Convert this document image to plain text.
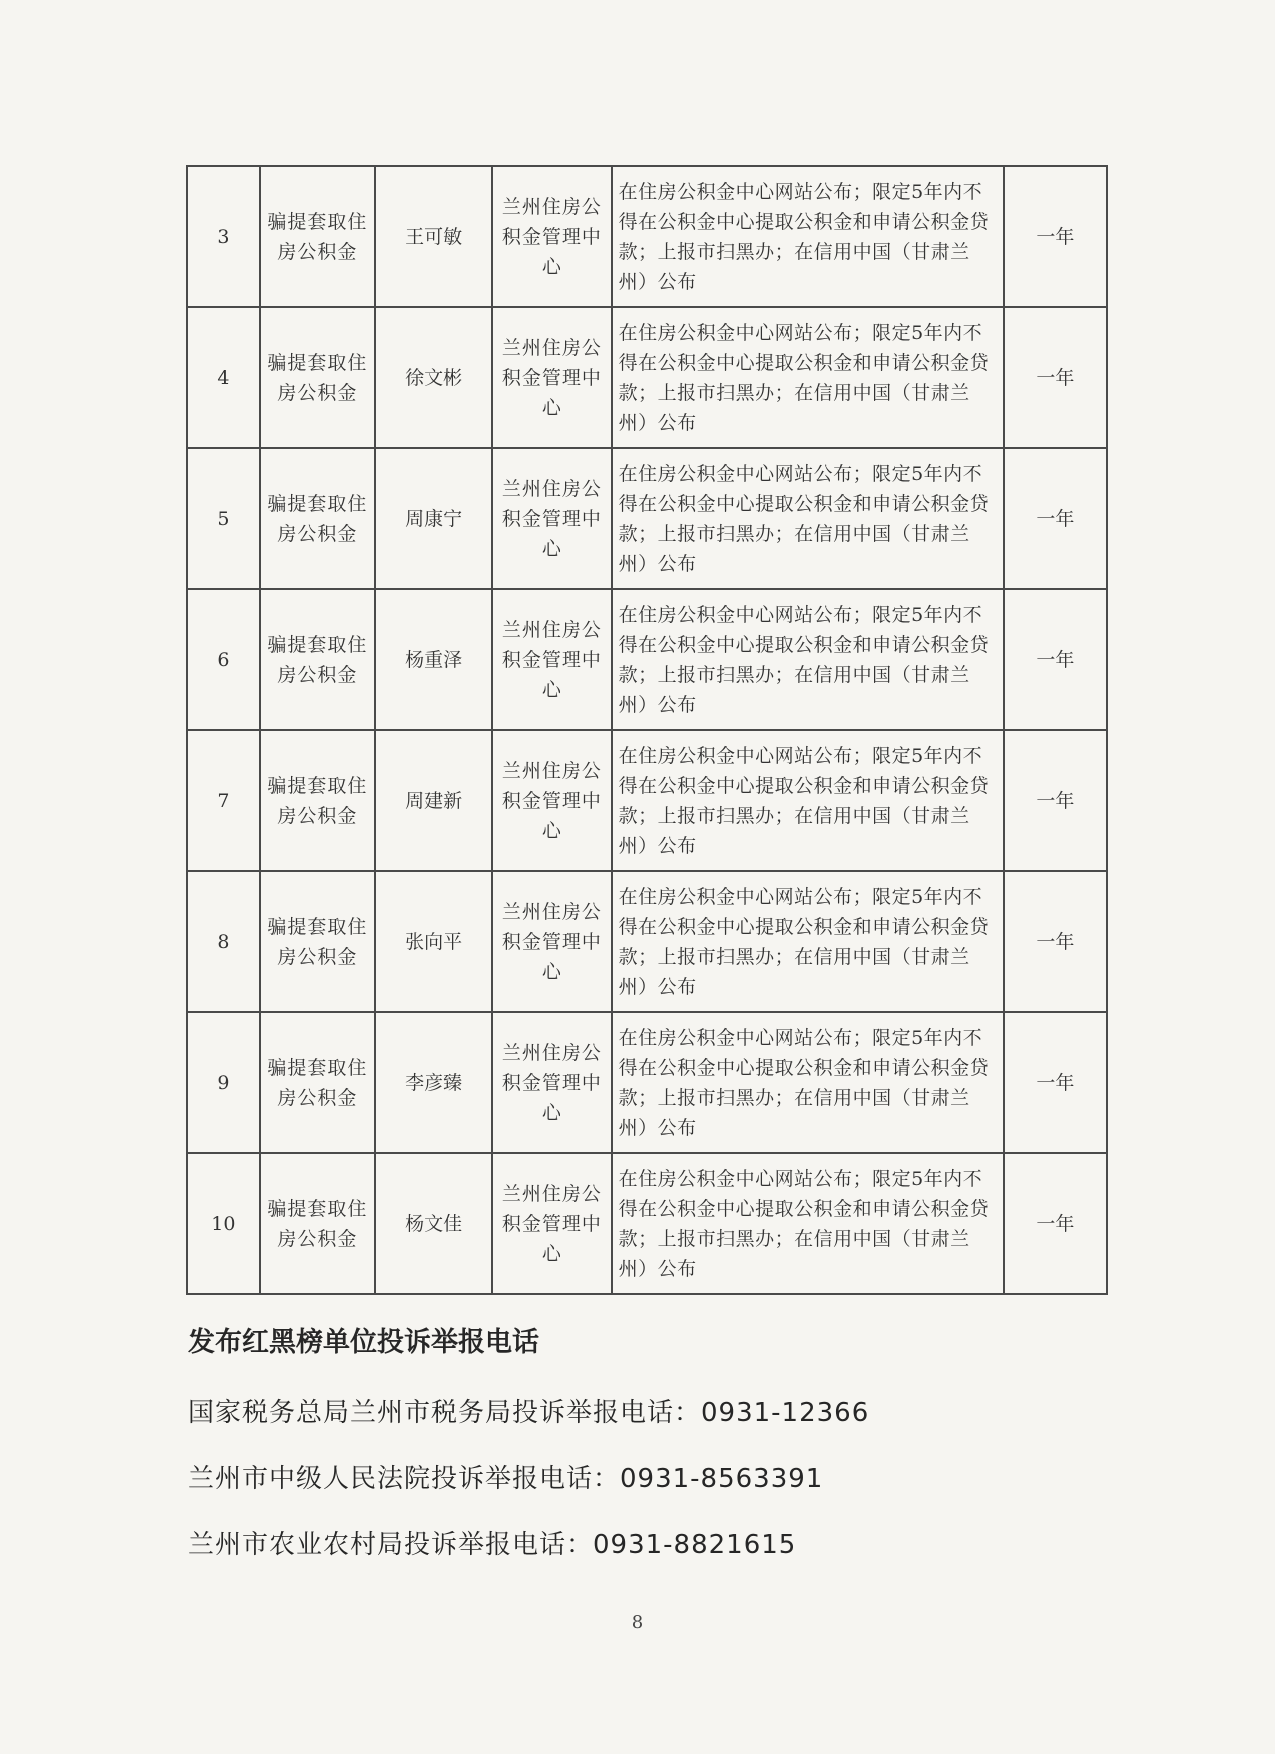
3	骗提套取住房公积金	王可敏	兰州住房公积金管理中心	在住房公积金中心网站公布；限定5年内不得在公积金中心提取公积金和申请公积金贷款；上报市扫黑办；在信用中国（甘肃兰州）公布	一年
4	骗提套取住房公积金	徐文彬	兰州住房公积金管理中心	在住房公积金中心网站公布；限定5年内不得在公积金中心提取公积金和申请公积金贷款；上报市扫黑办；在信用中国（甘肃兰州）公布	一年
5	骗提套取住房公积金	周康宁	兰州住房公积金管理中心	在住房公积金中心网站公布；限定5年内不得在公积金中心提取公积金和申请公积金贷款；上报市扫黑办；在信用中国（甘肃兰州）公布	一年
6	骗提套取住房公积金	杨重泽	兰州住房公积金管理中心	在住房公积金中心网站公布；限定5年内不得在公积金中心提取公积金和申请公积金贷款；上报市扫黑办；在信用中国（甘肃兰州）公布	一年
7	骗提套取住房公积金	周建新	兰州住房公积金管理中心	在住房公积金中心网站公布；限定5年内不得在公积金中心提取公积金和申请公积金贷款；上报市扫黑办；在信用中国（甘肃兰州）公布	一年
8	骗提套取住房公积金	张向平	兰州住房公积金管理中心	在住房公积金中心网站公布；限定5年内不得在公积金中心提取公积金和申请公积金贷款；上报市扫黑办；在信用中国（甘肃兰州）公布	一年
9	骗提套取住房公积金	李彦臻	兰州住房公积金管理中心	在住房公积金中心网站公布；限定5年内不得在公积金中心提取公积金和申请公积金贷款；上报市扫黑办；在信用中国（甘肃兰州）公布	一年
10	骗提套取住房公积金	杨文佳	兰州住房公积金管理中心	在住房公积金中心网站公布；限定5年内不得在公积金中心提取公积金和申请公积金贷款；上报市扫黑办；在信用中国（甘肃兰州）公布	一年
发布红黑榜单位投诉举报电话
国家税务总局兰州市税务局投诉举报电话：0931-12366
兰州市中级人民法院投诉举报电话：0931-8563391
兰州市农业农村局投诉举报电话：0931-8821615
8
